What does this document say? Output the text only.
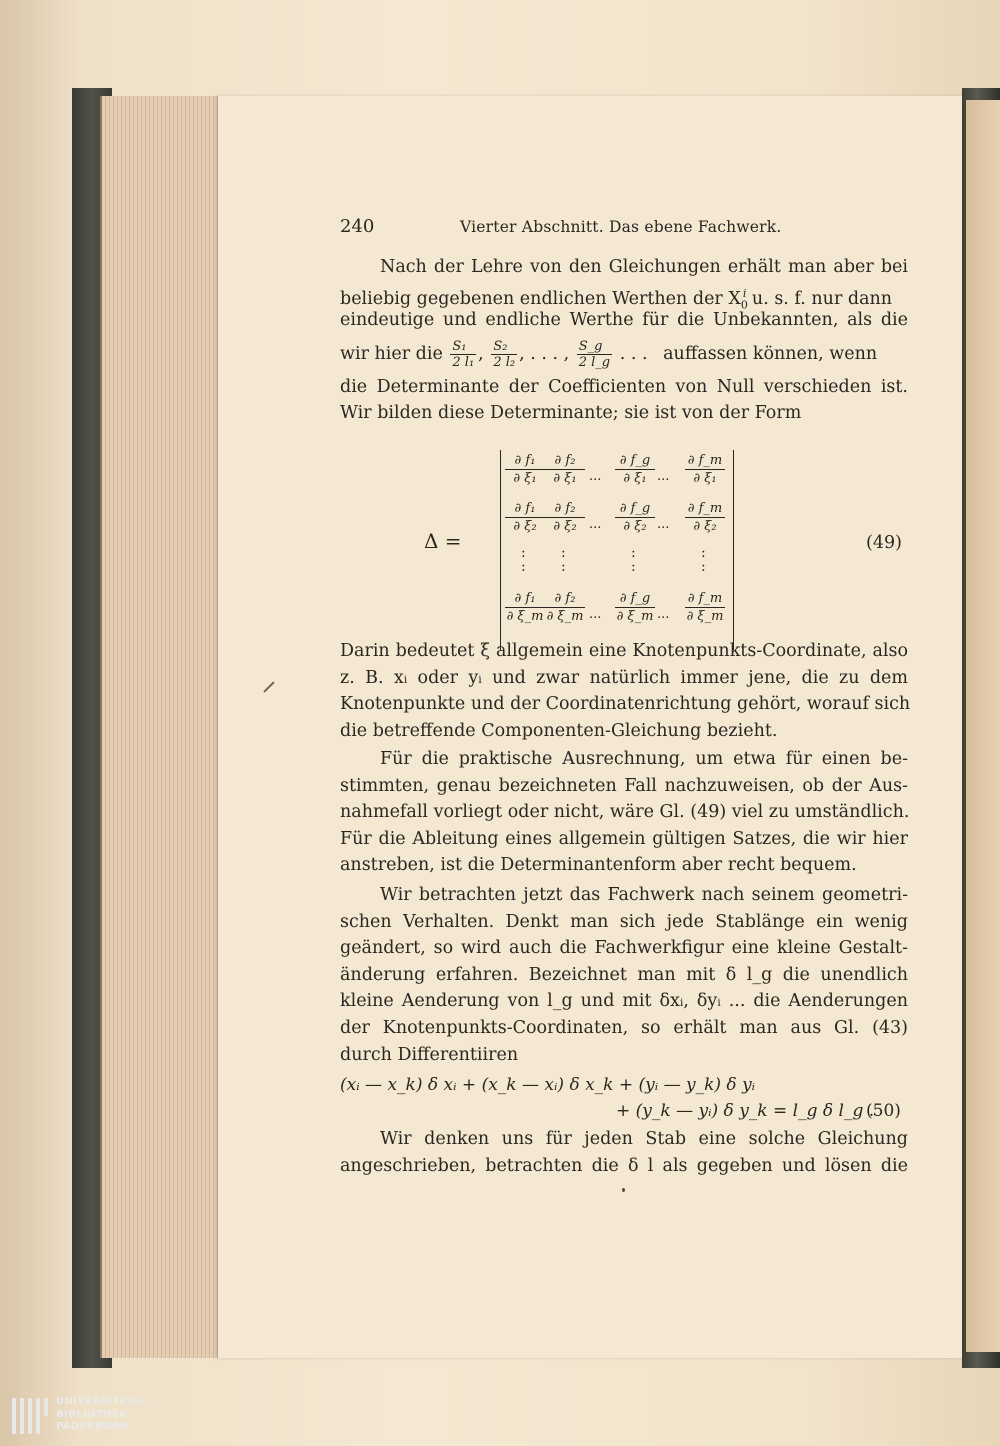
240	Vierter Abschnitt. Das ebene Fachwerk.
Nach der Lehre von den Gleichungen erhält man aber bei
beliebig gegebenen endlichen Werthen der $X_0^i$ u. s. f. nur dann
eindeutige und endliche Werthe für die Unbekannten, als die
wir hier die $\frac{\text{S₁}}{\text{2 l₁}}$ , $\frac{\text{S₂}}{\text{2 l₂}}$ , . . . , $\frac{S\_g}{2 l\_g}$ . . . auffassen können, wenn
die Determinante der Coefficienten von Null verschieden ist.
Wir bilden diese Determinante; sie ist von der Form
Δ =
∂ f₁
∂ ξ₁
∂ f₂
∂ ξ₁ ...
∂ f_g
∂ ξ₁ ...
∂ f_m
∂ ξ₁
∂ f₁
∂ ξ₂
∂ f₂
∂ ξ₂ ...
∂ f_g
∂ ξ₂ ...
∂ f_m
∂ ξ₂
:
:
:
:
:
:
:
:
∂ f₁
∂ ξ_m
∂ f₂
∂ ξ_m ...
∂ f_g
∂ ξ_m ...
∂ f_m
∂ ξ_m
(49)
Darin bedeutet ξ allgemein eine Knotenpunkts-Coordinate, also
z. B. xᵢ oder yᵢ und zwar natürlich immer jene, die zu dem
Knotenpunkte und der Coordinatenrichtung gehört, worauf sich
die betreffende Componenten-Gleichung bezieht.
Für die praktische Ausrechnung, um etwa für einen be-
stimmten, genau bezeichneten Fall nachzuweisen, ob der Aus-
nahmefall vorliegt oder nicht, wäre Gl. (49) viel zu umständlich.
Für die Ableitung eines allgemein gültigen Satzes, die wir hier
anstreben, ist die Determinantenform aber recht bequem.
Wir betrachten jetzt das Fachwerk nach seinem geometri-
schen Verhalten. Denkt man sich jede Stablänge ein wenig
geändert, so wird auch die Fachwerkfigur eine kleine Gestalt-
änderung erfahren. Bezeichnet man mit δ l_g die unendlich
kleine Aenderung von l_g und mit δxᵢ, δyᵢ ... die Aenderungen
der Knotenpunkts-Coordinaten, so erhält man aus Gl. (43)
durch Differentiiren
(xᵢ — x_k) δ xᵢ + (x_k — xᵢ) δ x_k + (yᵢ — y_k) δ yᵢ
+ (y_k — yᵢ) δ y_k = l_g δ l_g .
(50)
Wir denken uns für jeden Stab eine solche Gleichung
angeschrieben, betrachten die δ l als gegeben und lösen die
UNIVERSITÄTS-
BIBLIOTHEK
PADERBORN
